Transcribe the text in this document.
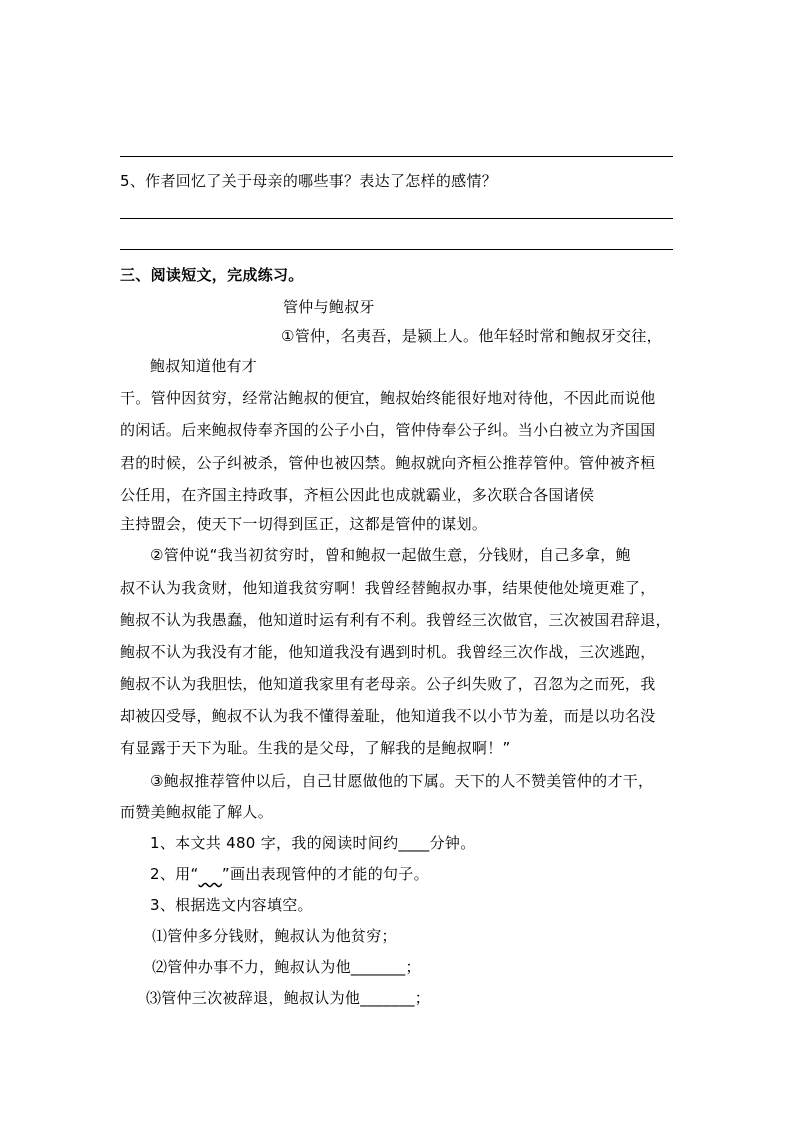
5、作者回忆了关于母亲的哪些事？表达了怎样的感情？
三、阅读短文，完成练习。
管仲与鲍叔牙
①管仲，名夷吾，是颍上人。他年轻时常和鲍叔牙交往，
鲍叔知道他有才
干。管仲因贫穷，经常沾鲍叔的便宜，鲍叔始终能很好地对待他，不因此而说他
的闲话。后来鲍叔侍奉齐国的公子小白，管仲侍奉公子纠。当小白被立为齐国国
君的时候，公子纠被杀，管仲也被囚禁。鲍叔就向齐桓公推荐管仲。管仲被齐桓
公任用，在齐国主持政事，齐桓公因此也成就霸业，多次联合各国诸侯
主持盟会，使天下一切得到匡正，这都是管仲的谋划。
②管仲说“我当初贫穷时，曾和鲍叔一起做生意，分钱财，自己多拿，鲍
叔不认为我贪财，他知道我贫穷啊！我曾经替鲍叔办事，结果使他处境更难了，
鲍叔不认为我愚蠢，他知道时运有利有不利。我曾经三次做官，三次被国君辞退，
鲍叔不认为我没有才能，他知道我没有遇到时机。我曾经三次作战，三次逃跑，
鲍叔不认为我胆怯，他知道我家里有老母亲。公子纠失败了，召忽为之而死，我
却被囚受辱，鲍叔不认为我不懂得羞耻，他知道我不以小节为羞，而是以功名没
有显露于天下为耻。生我的是父母，了解我的是鲍叔啊！”
③鲍叔推荐管仲以后，自己甘愿做他的下属。天下的人不赞美管仲的才干，
而赞美鲍叔能了解人。
1、本文共 480 字，我的阅读时间约____分钟。
2、用“ ”画出表现管仲的才能的句子。
3、根据选文内容填空。
⑴管仲多分钱财，鲍叔认为他贫穷；
⑵管仲办事不力，鲍叔认为他_______；
⑶管仲三次被辞退，鲍叔认为他_______；
